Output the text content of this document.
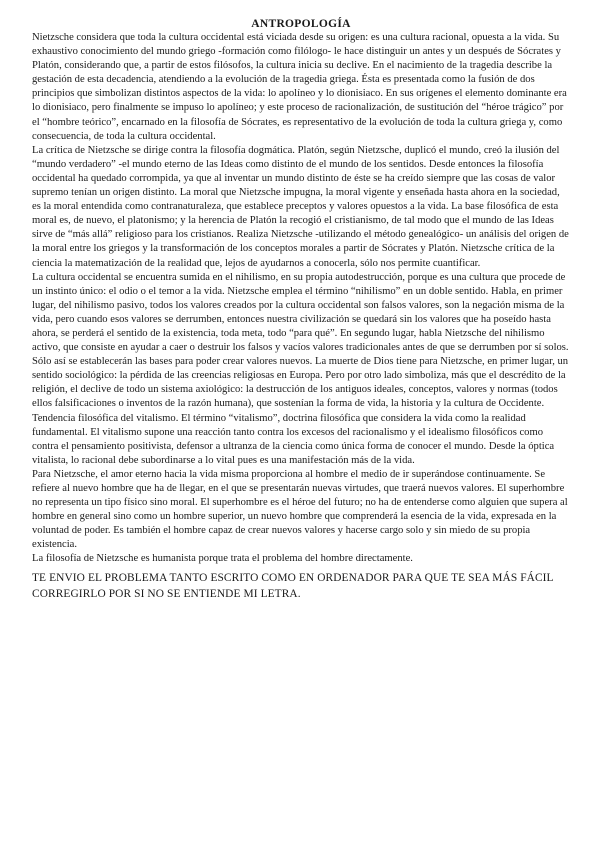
ANTROPOLOGÍA

Nietzsche considera que toda la cultura occidental está viciada desde su origen: es una cultura racional, opuesta a la vida. Su exhaustivo conocimiento del mundo griego -formación como filólogo- le hace distinguir un antes y un después de Sócrates y Platón, considerando que, a partir de estos filósofos, la cultura inicia su declive. En el nacimiento de la tragedia describe la gestación de esta decadencia, atendiendo a la evolución de la tragedia griega. Ésta es presentada como la fusión de dos principios que simbolizan distintos aspectos de la vida: lo apolíneo y lo dionisiaco. En sus orígenes el elemento dominante era lo dionisiaco, pero finalmente se impuso lo apolíneo; y este proceso de racionalización, de sustitución del “héroe trágico” por el “hombre teórico”, encarnado en la filosofía de Sócrates, es representativo de la evolución de toda la cultura griega y, como consecuencia, de toda la cultura occidental.

La crítica de Nietzsche se dirige contra la filosofía dogmática. Platón, según Nietzsche, duplicó el mundo, creó la ilusión del “mundo verdadero” -el mundo eterno de las Ideas como distinto de el mundo de los sentidos. Desde entonces la filosofía occidental ha quedado corrompida, ya que al inventar un mundo distinto de éste se ha creído siempre que las cosas de valor supremo tenían un origen distinto. La moral que Nietzsche impugna, la moral vigente y enseñada hasta ahora en la sociedad, es la moral entendida como contranaturaleza, que establece preceptos y valores opuestos a la vida. La base filosófica de esta moral es, de nuevo, el platonismo; y la herencia de Platón la recogió el cristianismo, de tal modo que el mundo de las Ideas sirve de “más allá” religioso para los cristianos. Realiza Nietzsche -utilizando el método genealógico- un análisis del origen de la moral entre los griegos y la transformación de los conceptos morales a partir de Sócrates y Platón. Nietzsche crítica de la ciencia la matematización de la realidad que, lejos de ayudarnos a conocerla, sólo nos permite cuantificar.

La cultura occidental se encuentra sumida en el nihilismo, en su propia autodestrucción, porque es una cultura que procede de un instinto único: el odio o el temor a la vida. Nietzsche emplea el término “nihilismo” en un doble sentido. Habla, en primer lugar, del nihilismo pasivo, todos los valores creados por la cultura occidental son falsos valores, son la negación misma de la vida, pero cuando esos valores se derrumben, entonces nuestra civilización se quedará sin los valores que ha poseído hasta ahora, se perderá el sentido de la existencia, toda meta, todo “para qué”. En segundo lugar, habla Nietzsche del nihilismo activo, que consiste en ayudar a caer o destruir los falsos y vacíos valores tradicionales antes de que se derrumben por sí solos. Sólo así se establecerán las bases para poder crear valores nuevos. La muerte de Dios tiene para Nietzsche, en primer lugar, un sentido sociológico: la pérdida de las creencias religiosas en Europa. Pero por otro lado simboliza, más que el descrédito de la religión, el declive de todo un sistema axiológico: la destrucción de los antiguos ideales, conceptos, valores y normas (todos ellos falsificaciones o inventos de la razón humana), que sostenían la forma de vida, la historia y la cultura de Occidente.

Tendencia filosófica del vitalismo. El término “vitalismo”, doctrina filosófica que considera la vida como la realidad fundamental. El vitalismo supone una reacción tanto contra los excesos del racionalismo y el idealismo filosóficos como contra el pensamiento positivista, defensor a ultranza de la ciencia como única forma de conocer el mundo. Desde la óptica vitalista, lo racional debe subordinarse a lo vital pues es una manifestación más de la vida.

Para Nietzsche, el amor eterno hacia la vida misma proporciona al hombre el medio de ir superándose continuamente. Se refiere al nuevo hombre que ha de llegar, en el que se presentarán nuevas virtudes, que traerá nuevos valores. El superhombre no representa un tipo físico sino moral. El superhombre es el héroe del futuro; no ha de entenderse como alguien que supera al hombre en general sino como un hombre superior, un nuevo hombre que comprenderá la esencia de la vida, expresada en la voluntad de poder. Es también el hombre capaz de crear nuevos valores y hacerse cargo solo y sin miedo de su propia existencia.

La filosofía de Nietzsche es humanista porque trata el problema del hombre directamente.

TE ENVIO EL PROBLEMA TANTO ESCRITO COMO EN ORDENADOR PARA QUE TE SEA MÁS FÁCIL CORREGIRLO POR SI NO SE ENTIENDE MI LETRA.
